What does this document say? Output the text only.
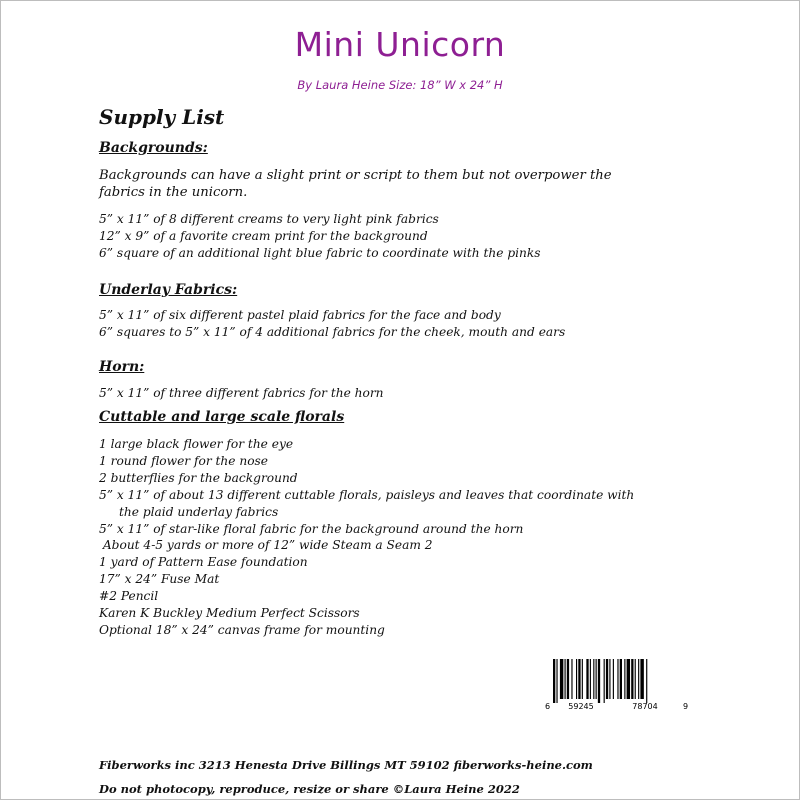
Mini Unicorn
By Laura Heine Size: 18” W x 24” H
Supply List
Backgrounds:
Backgrounds can have a slight print or script to them but not overpower the
fabrics in the unicorn.
5” x 11” of 8 different creams to very light pink fabrics
12” x 9” of a favorite cream print for the background
6” square of an additional light blue fabric to coordinate with the pinks
Underlay Fabrics:
5” x 11” of six different pastel plaid fabrics for the face and body
6” squares to 5” x 11” of 4 additional fabrics for the cheek, mouth and ears
Horn:
5” x 11” of three different fabrics for the horn
Cuttable and large scale florals
1 large black flower for the eye
1 round flower for the nose
2 butterflies for the background
5” x 11” of about 13 different cuttable florals, paisleys and leaves that coordinate with
the plaid underlay fabrics
5” x 11” of star-like floral fabric for the background around the horn
About 4-5 yards or more of 12” wide Steam a Seam 2
1 yard of Pattern Ease foundation
17” x 24” Fuse Mat
#2 Pencil
Karen K Buckley Medium Perfect Scissors
Optional 18” x 24” canvas frame for mounting
6 59245	78704	9
Fiberworks inc 3213 Henesta Drive Billings MT 59102 fiberworks-heine.com
Do not photocopy, reproduce, resize or share ©Laura Heine 2022
